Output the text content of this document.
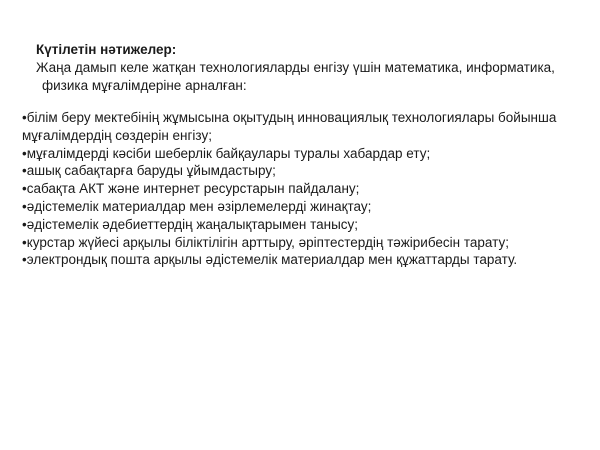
Күтілетін нәтижелер:

Жаңа дамып келе жатқан технологияларды енгізу үшін математика, информатика,

физика мұғалімдеріне арналған:

•білім беру мектебінің жұмысына оқытудың инновациялық технологиялары бойынша мұғалімдердің сөздерін енгізу;
•мұғалімдерді кәсіби шеберлік байқаулары туралы хабардар ету;
•ашық сабақтарға баруды ұйымдастыру;
•сабақта АКТ және интернет ресурстарын пайдалану;
•әдістемелік материалдар мен әзірлемелерді жинақтау;
•әдістемелік әдебиеттердің жаңалықтарымен танысу;
•курстар жүйесі арқылы біліктілігін арттыру, әріптестердің тәжірибесін тарату;
•электрондық пошта арқылы әдістемелік материалдар мен құжаттарды тарату.
